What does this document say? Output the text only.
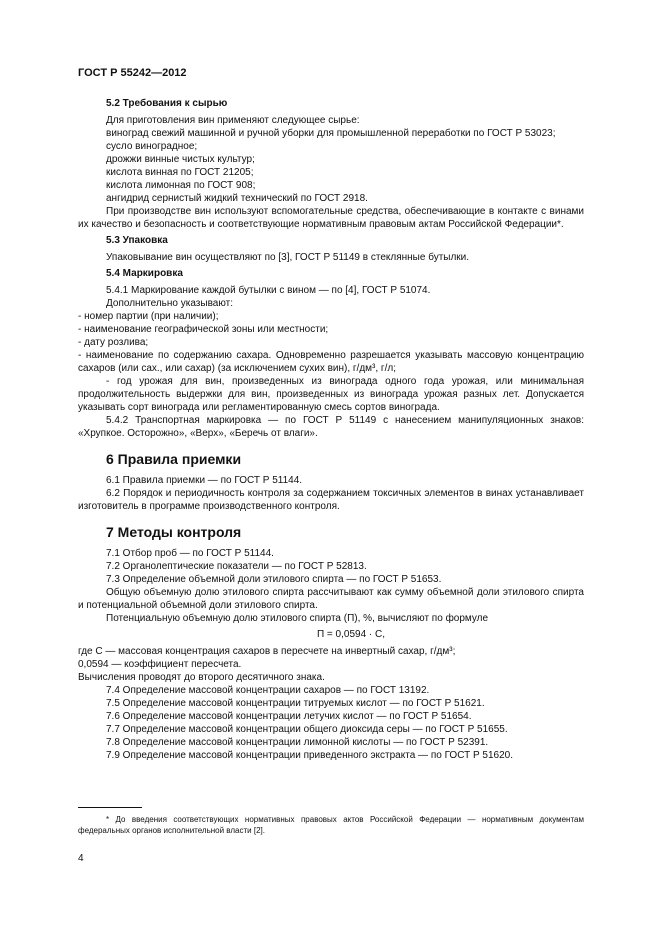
ГОСТ Р 55242—2012
5.2 Требования к сырью

Для приготовления вин применяют следующее сырье:

виноград свежий машинной и ручной уборки для промышленной переработки по ГОСТ Р 53023;

сусло виноградное;

дрожжи винные чистых культур;

кислота винная по ГОСТ 21205;

кислота лимонная по ГОСТ 908;

ангидрид сернистый жидкий технический по ГОСТ 2918.

При производстве вин используют вспомогательные средства, обеспечивающие в контакте с винами их качество и безопасность и соответствующие нормативным правовым актам Российской Федерации*.

5.3 Упаковка

Упаковывание вин осуществляют по [3], ГОСТ Р 51149 в стеклянные бутылки.

5.4 Маркировка

5.4.1 Маркирование каждой бутылки с вином — по [4], ГОСТ Р 51074.

Дополнительно указывают:

- номер партии (при наличии);

- наименование географической зоны или местности;

- дату розлива;

- наименование по содержанию сахара. Одновременно разрешается указывать массовую концентрацию сахаров (или сах., или сахар) (за исключением сухих вин), г/дм³, г/л;

- год урожая для вин, произведенных из винограда одного года урожая, или минимальная продолжительность выдержки для вин, произведенных из винограда урожая разных лет. Допускается указывать сорт винограда или регламентированную смесь сортов винограда.

5.4.2 Транспортная маркировка — по ГОСТ Р 51149 с нанесением манипуляционных знаков: «Хрупкое. Осторожно», «Верх», «Беречь от влаги».

6 Правила приемки

6.1 Правила приемки — по ГОСТ Р 51144.

6.2 Порядок и периодичность контроля за содержанием токсичных элементов в винах устанавливает изготовитель в программе производственного контроля.

7 Методы контроля

7.1 Отбор проб — по ГОСТ Р 51144.

7.2 Органолептические показатели — по ГОСТ Р 52813.

7.3 Определение объемной доли этилового спирта — по ГОСТ Р 51653.

Общую объемную долю этилового спирта рассчитывают как сумму объемной доли этилового спирта и потенциальной объемной доли этилового спирта.

Потенциальную объемную долю этилового спирта (П), %, вычисляют по формуле

П = 0,0594 · С,

где С — массовая концентрация сахаров в пересчете на инвертный сахар, г/дм³;

0,0594 — коэффициент пересчета.

Вычисления проводят до второго десятичного знака.

7.4 Определение массовой концентрации сахаров — по ГОСТ 13192.

7.5 Определение массовой концентрации титруемых кислот — по ГОСТ Р 51621.

7.6 Определение массовой концентрации летучих кислот — по ГОСТ Р 51654.

7.7 Определение массовой концентрации общего диоксида серы — по ГОСТ Р 51655.

7.8 Определение массовой концентрации лимонной кислоты — по ГОСТ Р 52391.

7.9 Определение массовой концентрации приведенного экстракта — по ГОСТ Р 51620.

* До введения соответствующих нормативных правовых актов Российской Федерации — нормативным документам федеральных органов исполнительной власти [2].
4
